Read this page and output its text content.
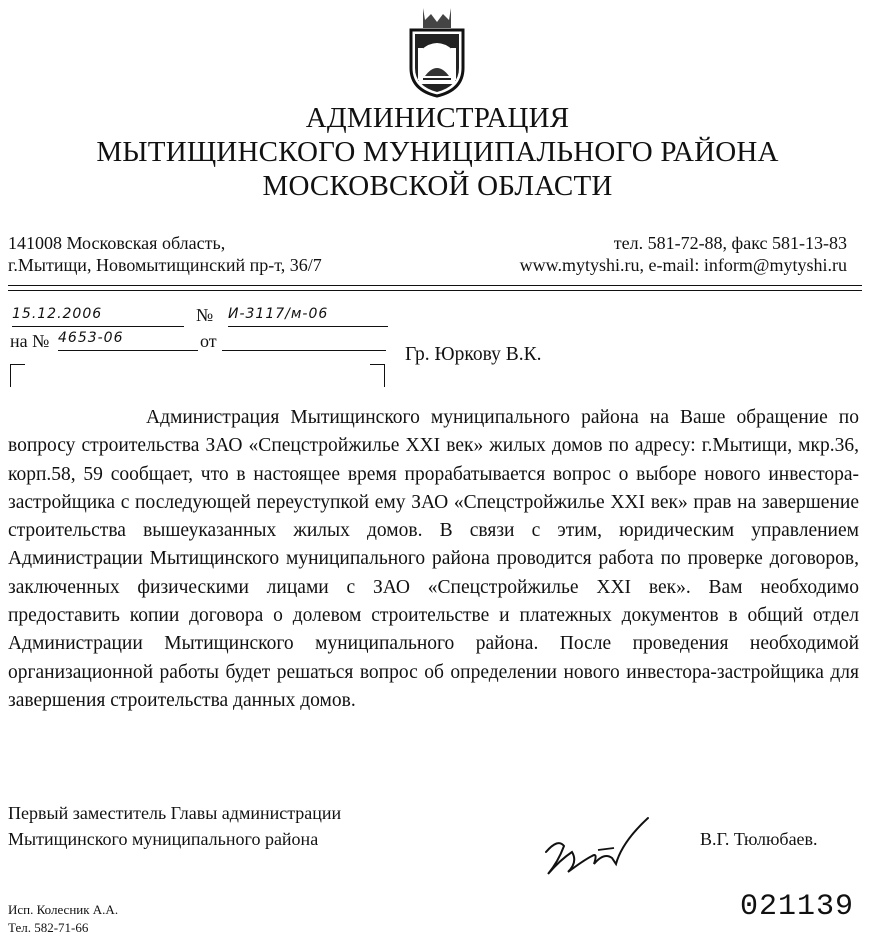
АДМИНИСТРАЦИЯ
МЫТИЩИНСКОГО МУНИЦИПАЛЬНОГО РАЙОНА
МОСКОВСКОЙ ОБЛАСТИ
141008 Московская область,
г.Мытищи, Новомытищинский пр-т, 36/7
тел. 581-72-88, факс 581-13-83
www.mytyshi.ru, e-mail: inform@mytyshi.ru
15.12.2006	№ И-3117/м-06
на № 4653-06	от
Гр. Юркову В.К.

Администрация Мытищинского муниципального района на Ваше обращение по вопросу строительства ЗАО «Спецстройжилье XXI век» жилых домов по адресу: г.Мытищи, мкр.36, корп.58, 59 сообщает, что в настоящее время прорабатывается вопрос о выборе нового инвестора-застройщика с последующей переуступкой ему ЗАО «Спецстройжилье XXI век» прав на завершение строительства вышеуказанных жилых домов. В связи с этим, юридическим управлением Администрации Мытищинского муниципального района проводится работа по проверке договоров, заключенных физическими лицами с ЗАО «Спецстройжилье XXI век». Вам необходимо предоставить копии договора о долевом строительстве и платежных документов в общий отдел Администрации Мытищинского муниципального района. После проведения необходимой организационной работы будет решаться вопрос об определении нового инвестора-застройщика для завершения строительства данных домов.

Первый заместитель Главы администрации
Мытищинского муниципального района	В.Г. Тюлюбаев.
Исп. Колесник А.А.
Тел. 582-71-66
021139
